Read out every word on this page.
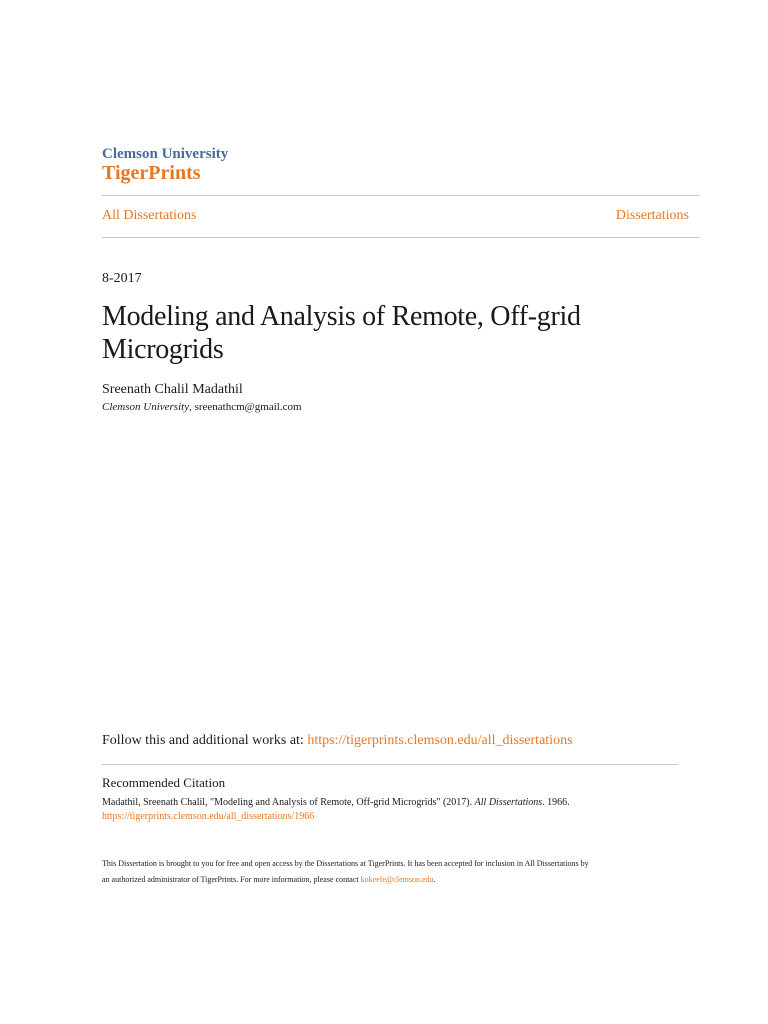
Clemson University
TigerPrints
All Dissertations	Dissertations
8-2017
Modeling and Analysis of Remote, Off-grid
Microgrids
Sreenath Chalil Madathil
Clemson University, sreenathcm@gmail.com
Follow this and additional works at: https://tigerprints.clemson.edu/all_dissertations
Recommended Citation
Madathil, Sreenath Chalil, "Modeling and Analysis of Remote, Off-grid Microgrids" (2017). All Dissertations. 1966.
https://tigerprints.clemson.edu/all_dissertations/1966
This Dissertation is brought to you for free and open access by the Dissertations at TigerPrints. It has been accepted for inclusion in All Dissertations by
an authorized administrator of TigerPrints. For more information, please contact kokeefe@clemson.edu.
